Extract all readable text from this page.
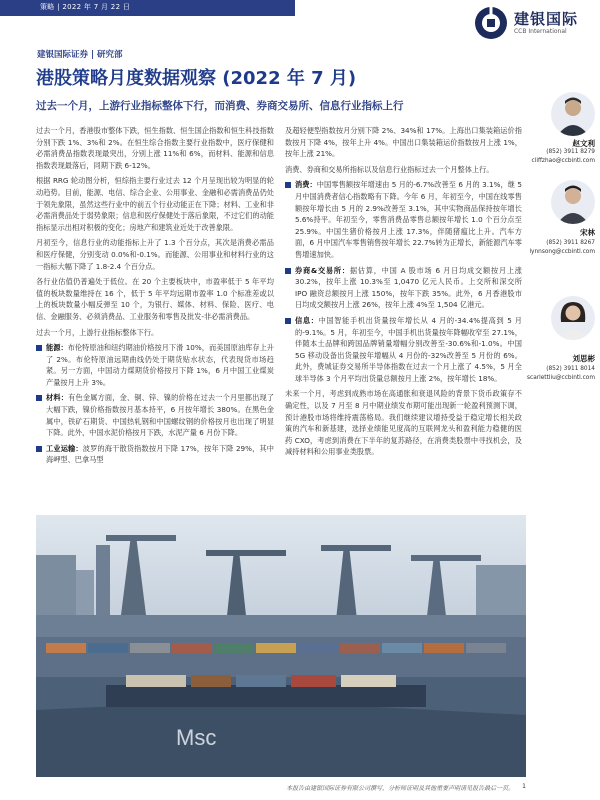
策略 | 2022 年 7 月 22 日
建银国际
CCB International
建银国际证券 | 研究部
港股策略月度数据观察 (2022 年 7 月)
过去一个月，上游行业指标整体下行，而消费、券商交易所、信息行业指标上行

过去一个月，香港股市整体下跌，恒生指数、恒生国企指数和恒生科技指数分别下跌 1%、3%和 2%。在恒生综合指数主要行业指数中，医疗保健和必需消费品指数表现最突出，分别上涨 11%和 6%，而材料、能源和信息指数表现最落后，同期下跌 6-12%。

根据 RRG 轮动图分析，恒综指主要行业过去 12 个月呈现出较为明显的轮动趋势。目前，能源、电信、综合企业、公用事业、金融和必需消费品仍处于领先象限，虽然这些行业中的前五个行业动能正在下降；材料、工业和非必需消费品处于弱势象限；信息和医疗保健处于落后象限，不过它们的动能指标显示出相对积极的变化；房地产和建筑业近处于改善象限。

月初至今，信息行业的动能指标上升了 1.3 个百分点，其次是消费必需品和医疗保健，分别变动 0.0%和-0.1%。而能源、公用事业和材料行业的这一指标大幅下降了 1.8-2.4 个百分点。

各行业估值仍普遍处于低位。在 20 个主要板块中，市盈率低于 5 年平均值的板块数量维持在 16 个，低于 5 年平均远期市盈率 1.0 个标准差或以上的板块数量小幅反弹至 10 个，为银行、媒体、材料、保险、医疗、电信、金融服务、必须消费品、工业服务和零售及批发-非必需消费品。

过去一个月，上游行业指标整体下行。

能源：布伦特原油和纽约期油价格按月下滑 10%，而美国原油库存上升了 2%。布伦特原油远期曲线仍处于期货贴水状态，代表现货市场趋紧。另一方面，中国动力煤期货价格按月下降 1%，6 月中国工业煤炭产量按月上升 3%。
材料：有色金属方面，金、铜、锌、镍的价格在过去一个月里都出现了大幅下跌，镍价格指数按月基本持平，6 月按年增长 380%。在黑色金属中，铁矿石期货、中国热轧钢和中国螺纹钢的价格按月也出现了明显下降。此外，中国水泥价格按月下跌，水泥产量 6 月份下降。
工业运输：波罗的海干散货指数按月下降 17%，按年下降 29%，其中海岬型、巴拿马型

及超轻便型指数按月分别下降 2%、34%和 17%。上海出口集装箱运价指数按月下降 4%，按年上升 4%。中国出口集装箱运价指数按月上涨 1%，按年上涨 21%。

消费、券商和交易所指标以及信息行业指标过去一个月整体上行。

消费：中国零售额按年增速由 5 月的-6.7%改善至 6 月的 3.1%，继 5 月中国消费者信心指数略有下降。今年 6 月，年初至今，中国在线零售额按年增长由 5 月的 2.9%改善至 3.1%，其中实物商品保持按年增长 5.6%持平。年初至今，零售消费品零售总额按年增长 1.0 个百分点至 25.9%。中国生猪价格按月上涨 17.3%，伴随猪瘟比上升。汽车方面，6 月中国汽车零售销售按年增长 22.7%转为正增长，新能源汽车零售增速加快。
券商&交易所：据估算，中国 A 股市场 6 月日均成交额按月上涨 30.2%，按年上涨 10.3%至 1,0470 亿元人民币。上交所和深交所 IPO 融资总额按月上涨 150%，按年下跌 35%。此外，6 月香港股市日均成交额按月上涨 26%，按年上涨 4%至 1,504 亿港元。
信息：中国智能手机出货量按年增长从 4 月的-34.4%提高到 5 月的-9.1%。5 月，年初至今，中国手机出货量按年降幅收窄至 27.1%，伴随本土品牌和跨国品牌销量增幅分别改善至-30.6%和-1.0%。中国 5G 移动设备出货量按年增幅从 4 月份的-32%改善至 5 月份的 6%。此外，费城证券交易所半导体指数在过去一个月上涨了 4.5%，5 月全球半导体 3 个月平均出货量总额按月上涨 2%，按年增长 18%。

未来一个月，考虑到成熟市场在高通胀和衰退风险的背景下货币政策存不确定性，以及 7 月至 8 月中期业绩发布期可能出现新一轮盈利预测下调，预计港股市场将维持震荡格局。我们继续建议增持受益于稳定增长相关政策的汽车和新基建，选择业绩能见度高的互联网龙头和盈利能力稳健的医药 CXO，考虑到消费在下半年的复苏路径，在消费类股票中寻找机会，及减持材料和公用事业类股票。

赵文利
(852) 3911 8279
cliffzhao@ccbintl.com
宋林
(852) 3911 8267
lynnsong@ccbintl.com
刘思彬
(852) 3911 8014
scarlettliu@ccbintl.com
Msc
本报告由建银国际证券有限公司撰写，分析师证明及其他重要声明请见报告最后一页。 1
